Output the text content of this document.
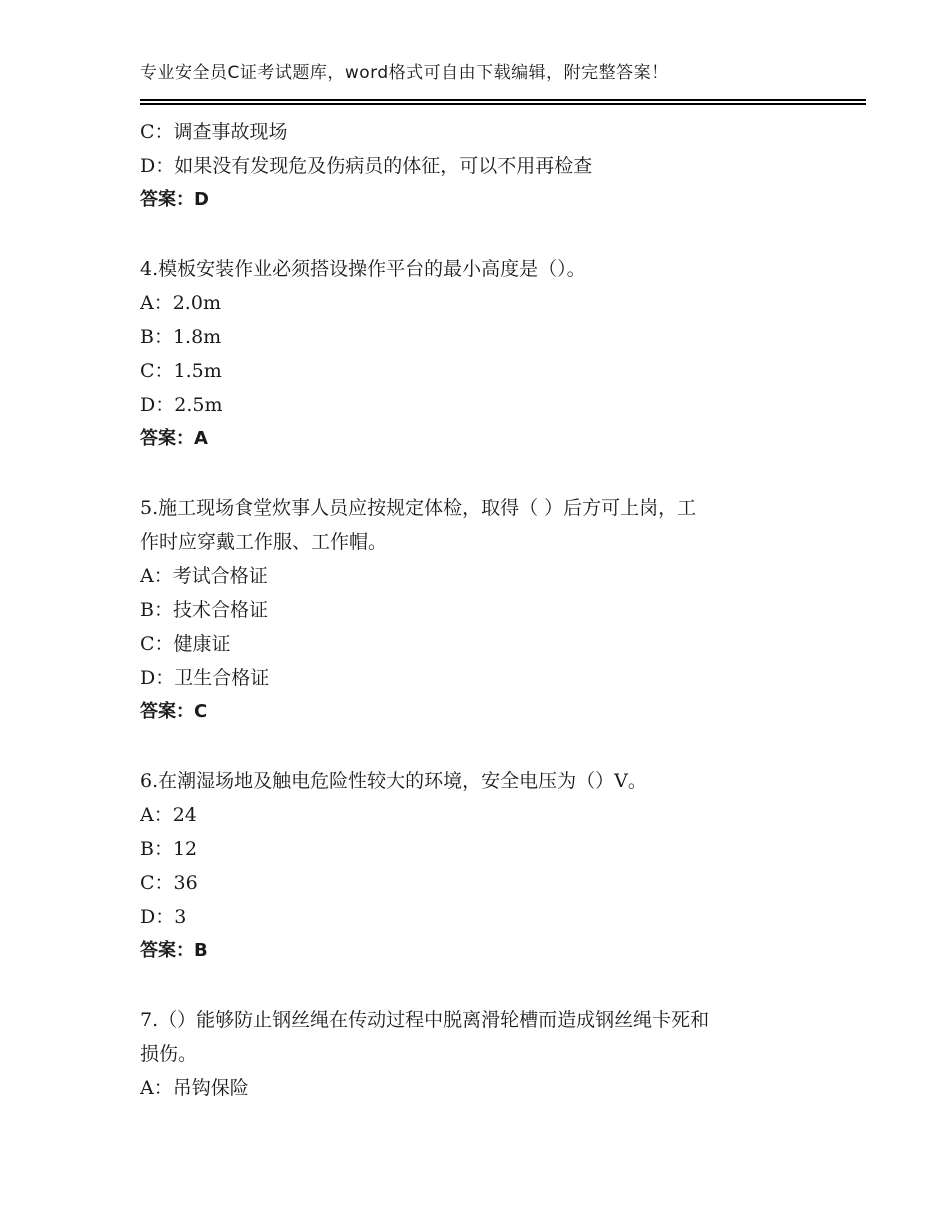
专业安全员C证考试题库，word格式可自由下载编辑，附完整答案！
C：调查事故现场
D：如果没有发现危及伤病员的体征，可以不用再检查
答案：D
4.模板安装作业必须搭设操作平台的最小高度是（）。
A：2.0m
B：1.8m
C：1.5m
D：2.5m
答案：A
5.施工现场食堂炊事人员应按规定体检，取得（ ）后方可上岗，工
作时应穿戴工作服、工作帽。
A：考试合格证
B：技术合格证
C：健康证
D：卫生合格证
答案：C
6.在潮湿场地及触电危险性较大的环境，安全电压为（）V。
A：24
B：12
C：36
D：3
答案：B
7.（）能够防止钢丝绳在传动过程中脱离滑轮槽而造成钢丝绳卡死和
损伤。
A：吊钩保险
